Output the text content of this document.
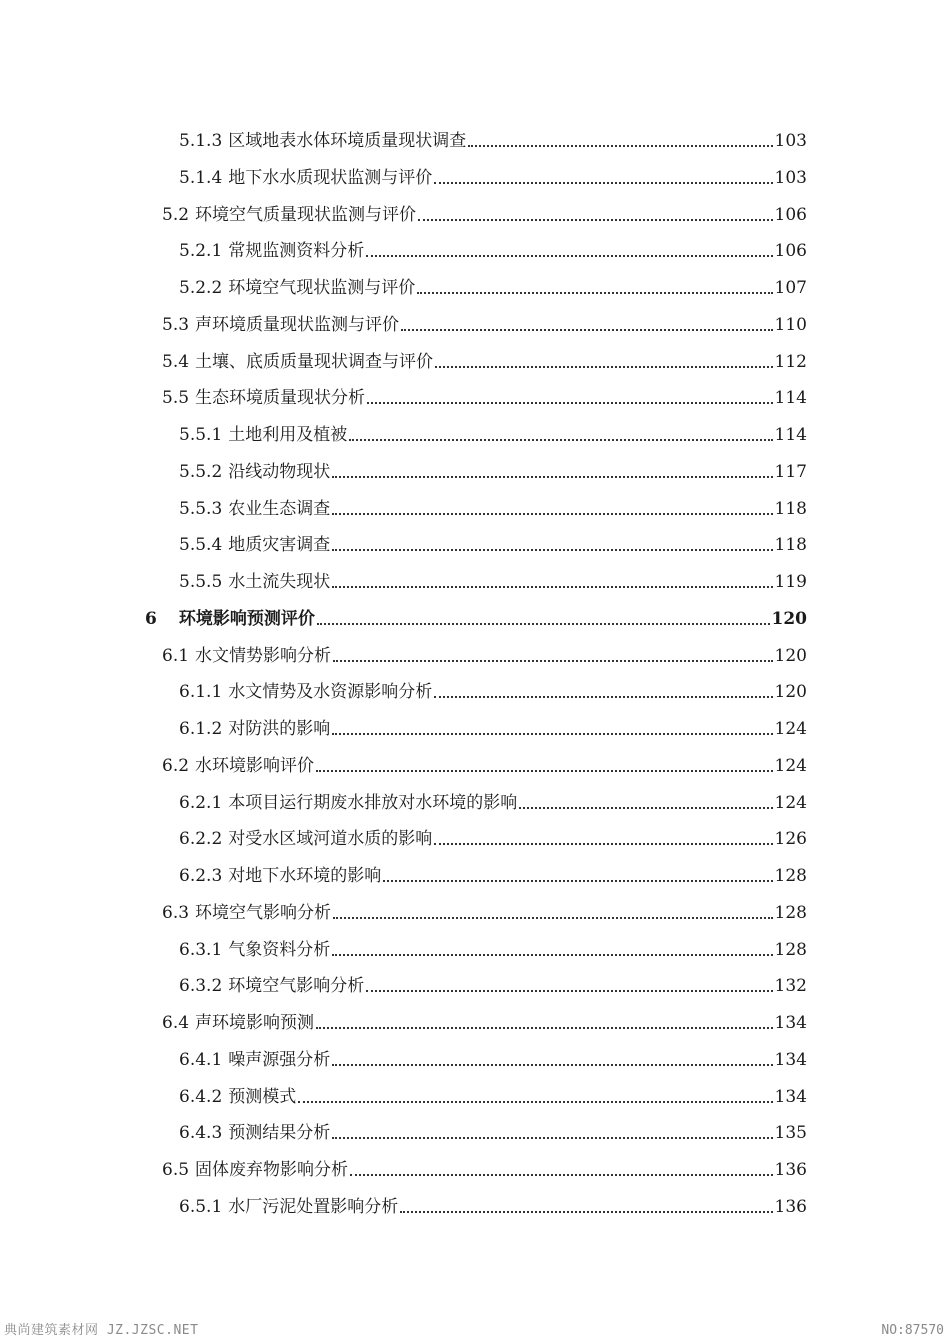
5.1.3 区域地表水体环境质量现状调查	103
5.1.4 地下水水质现状监测与评价	103
5.2 环境空气质量现状监测与评价	106
5.2.1 常规监测资料分析	106
5.2.2 环境空气现状监测与评价	107
5.3 声环境质量现状监测与评价	110
5.4 土壤、底质质量现状调查与评价	112
5.5 生态环境质量现状分析	114
5.5.1 土地利用及植被	114
5.5.2 沿线动物现状	117
5.5.3 农业生态调查	118
5.5.4 地质灾害调查	118
5.5.5 水土流失现状	119
6 环境影响预测评价	120
6.1 水文情势影响分析	120
6.1.1 水文情势及水资源影响分析	120
6.1.2 对防洪的影响	124
6.2 水环境影响评价	124
6.2.1 本项目运行期废水排放对水环境的影响	124
6.2.2 对受水区域河道水质的影响	126
6.2.3 对地下水环境的影响	128
6.3 环境空气影响分析	128
6.3.1 气象资料分析	128
6.3.2 环境空气影响分析	132
6.4 声环境影响预测	134
6.4.1 噪声源强分析	134
6.4.2 预测模式	134
6.4.3 预测结果分析	135
6.5 固体废弃物影响分析	136
6.5.1 水厂污泥处置影响分析	136
典尚建筑素材网 JZ.JZSC.NET	NO:87570
